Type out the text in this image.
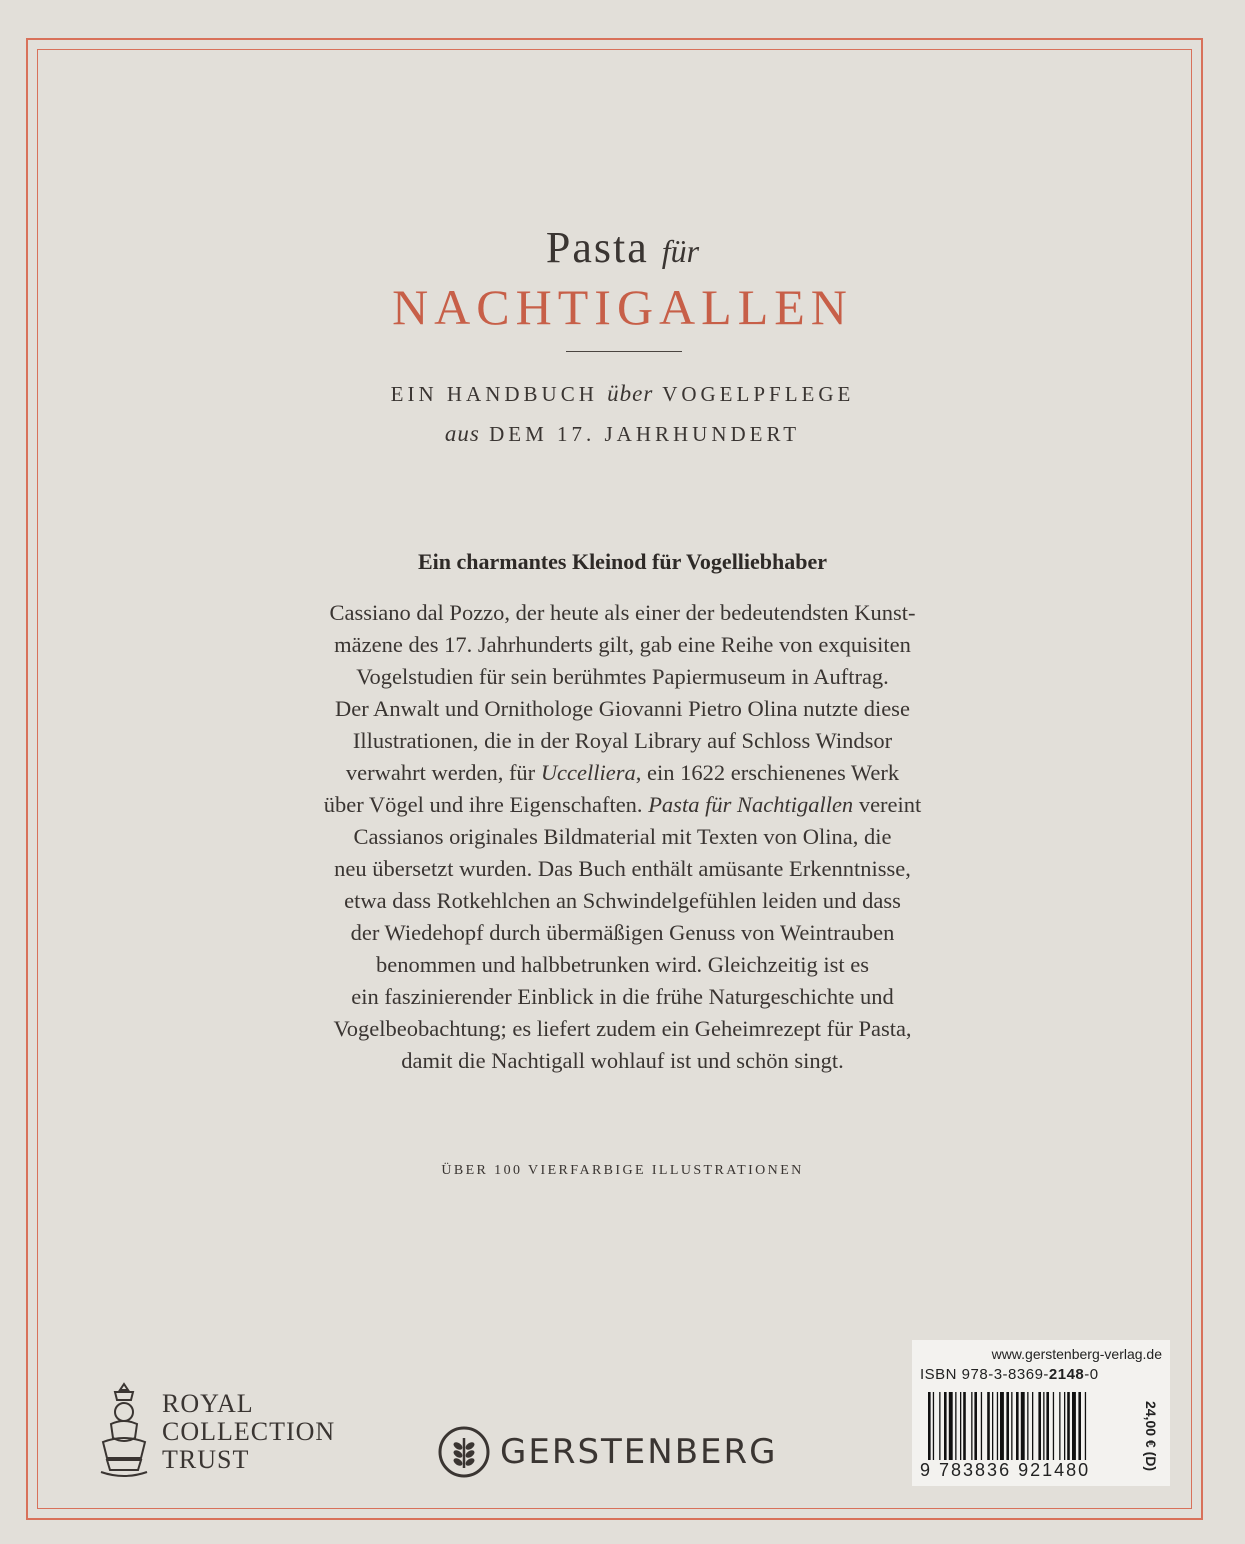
Pasta für
NACHTIGALLEN
EIN HANDBUCH über VOGELPFLEGE
aus DEM 17. JAHRHUNDERT
Ein charmantes Kleinod für Vogelliebhaber
Cassiano dal Pozzo, der heute als einer der bedeutendsten Kunst-
mäzene des 17. Jahrhunderts gilt, gab eine Reihe von exquisiten
Vogelstudien für sein berühmtes Papiermuseum in Auftrag.
Der Anwalt und Ornithologe Giovanni Pietro Olina nutzte diese
Illustrationen, die in der Royal Library auf Schloss Windsor
verwahrt werden, für Uccelliera, ein 1622 erschienenes Werk
über Vögel und ihre Eigenschaften. Pasta für Nachtigallen vereint
Cassianos originales Bildmaterial mit Texten von Olina, die
neu übersetzt wurden. Das Buch enthält amüsante Erkenntnisse,
etwa dass Rotkehlchen an Schwindelgefühlen leiden und dass
der Wiedehopf durch übermäßigen Genuss von Weintrauben
benommen und halbbetrunken wird. Gleichzeitig ist es
ein faszinierender Einblick in die frühe Naturgeschichte und
Vogelbeobachtung; es liefert zudem ein Geheimrezept für Pasta,
damit die Nachtigall wohlauf ist und schön singt.
ÜBER 100 VIERFARBIGE ILLUSTRATIONEN
ROYAL
COLLECTION
TRUST	GERSTENBERG
www.gerstenberg-verlag.de
ISBN 978-3-8369-2148-0
9 783836 921480	24,00 € (D)
